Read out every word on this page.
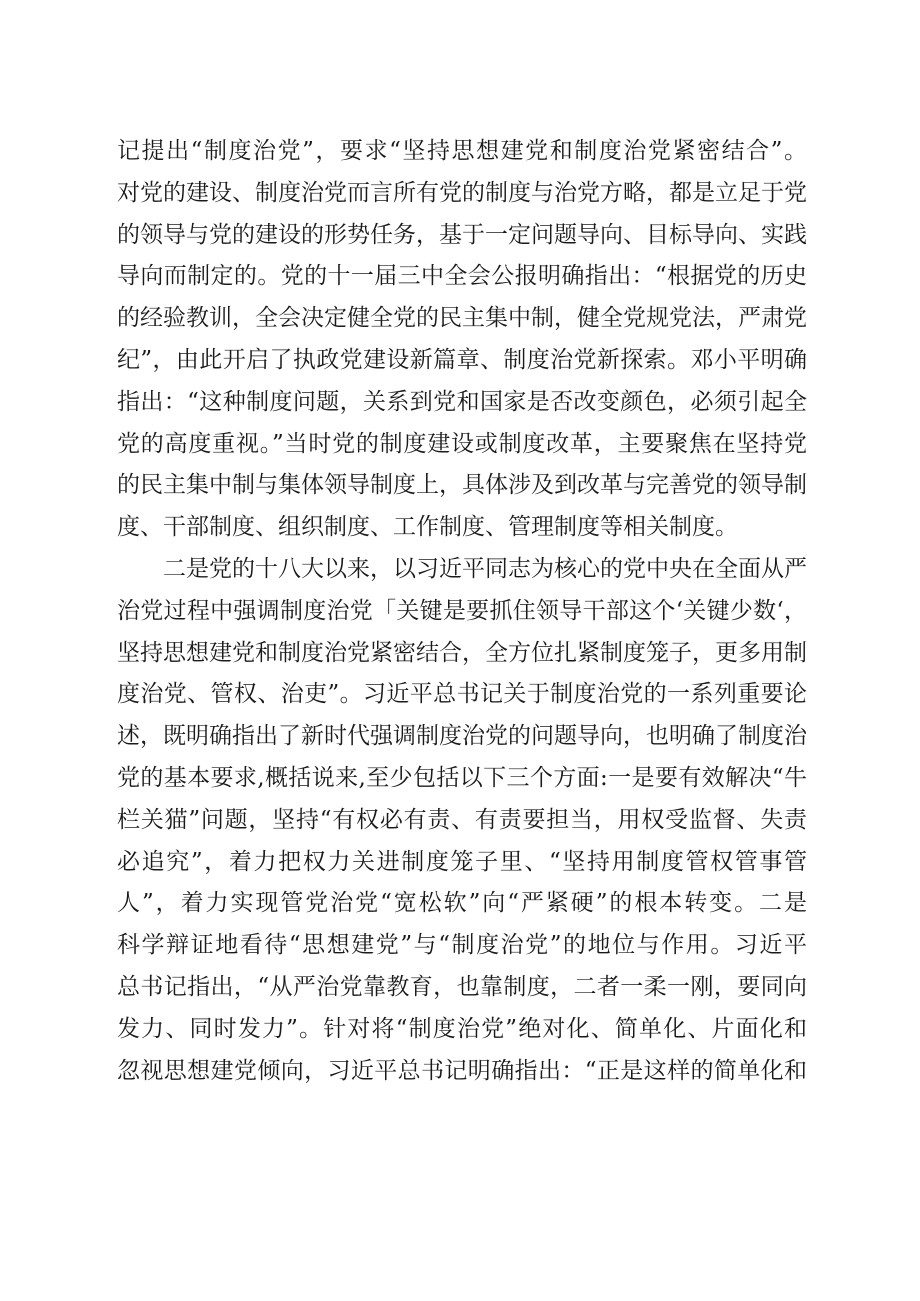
记提出“制度治党”，要求“坚持思想建党和制度治党紧密结合”。
对党的建设、制度治党而言所有党的制度与治党方略，都是立足于党
的领导与党的建设的形势任务，基于一定问题导向、目标导向、实践
导向而制定的。党的十一届三中全会公报明确指出：“根据党的历史
的经验教训，全会决定健全党的民主集中制，健全党规党法，严肃党
纪”，由此开启了执政党建设新篇章、制度治党新探索。邓小平明确
指出：“这种制度问题，关系到党和国家是否改变颜色，必须引起全
党的高度重视。”当时党的制度建设或制度改革，主要聚焦在坚持党
的民主集中制与集体领导制度上，具体涉及到改革与完善党的领导制
度、干部制度、组织制度、工作制度、管理制度等相关制度。
二是党的十八大以来，以习近平同志为核心的党中央在全面从严
治党过程中强调制度治党「关键是要抓住领导干部这个‘关键少数‘，
坚持思想建党和制度治党紧密结合，全方位扎紧制度笼子，更多用制
度治党、管权、治吏”。习近平总书记关于制度治党的一系列重要论
述，既明确指出了新时代强调制度治党的问题导向，也明确了制度治
党的基本要求,概括说来,至少包括以下三个方面:一是要有效解决“牛
栏关猫”问题，坚持“有权必有责、有责要担当，用权受监督、失责
必追究”，着力把权力关进制度笼子里、“坚持用制度管权管事管
人”，着力实现管党治党“宽松软”向“严紧硬”的根本转变。二是
科学辩证地看待“思想建党”与“制度治党”的地位与作用。习近平
总书记指出，“从严治党靠教育，也靠制度，二者一柔一刚，要同向
发力、同时发力”。针对将“制度治党”绝对化、简单化、片面化和
忽视思想建党倾向，习近平总书记明确指出：“正是这样的简单化和
